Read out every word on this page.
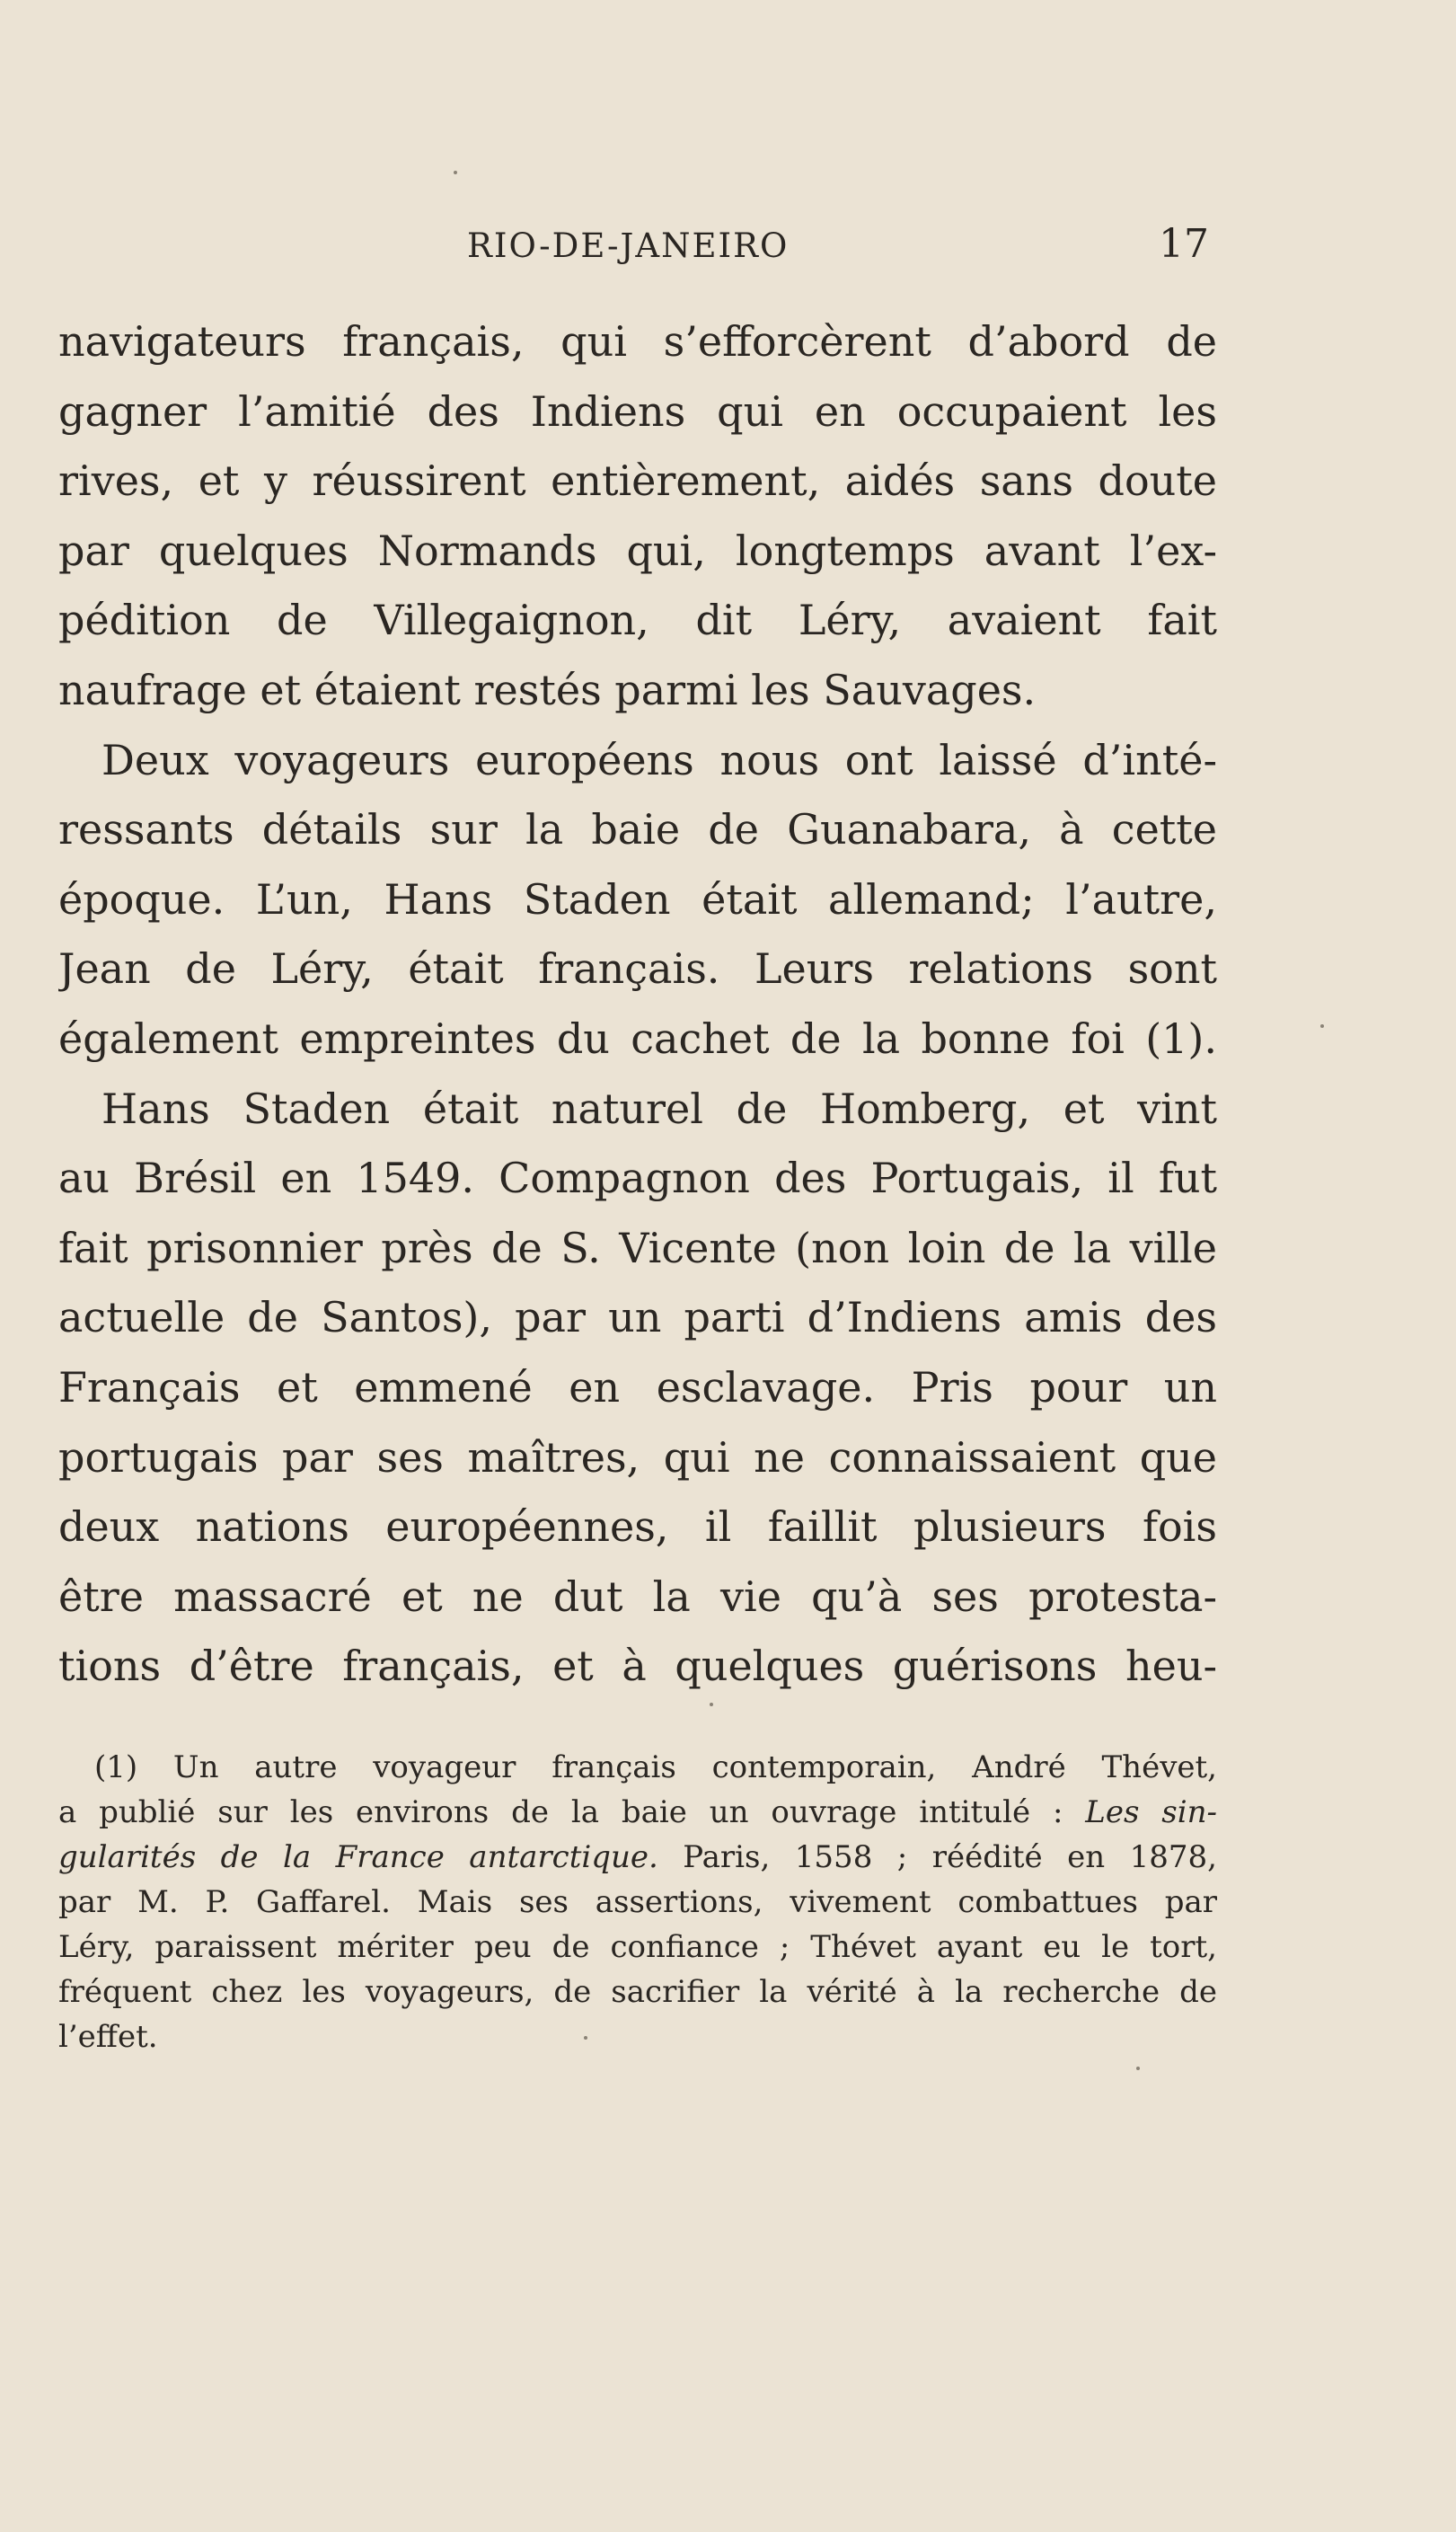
RIO-DE-JANEIRO	17
navigateurs français, qui s’efforcèrent d’abord de
gagner l’amitié des Indiens qui en occupaient les
rives, et y réussirent entièrement, aidés sans doute
par quelques Normands qui, longtemps avant l’ex-
pédition de Villegaignon, dit Léry, avaient fait
naufrage et étaient restés parmi les Sauvages.
Deux voyageurs européens nous ont laissé d’inté-
ressants détails sur la baie de Guanabara, à cette
époque. L’un, Hans Staden était allemand; l’autre,
Jean de Léry, était français. Leurs relations sont
également empreintes du cachet de la bonne foi (1).
Hans Staden était naturel de Homberg, et vint
au Brésil en 1549. Compagnon des Portugais, il fut
fait prisonnier près de S. Vicente (non loin de la ville
actuelle de Santos), par un parti d’Indiens amis des
Français et emmené en esclavage. Pris pour un
portugais par ses maîtres, qui ne connaissaient que
deux nations européennes, il faillit plusieurs fois
être massacré et ne dut la vie qu’à ses protesta-
tions d’être français, et à quelques guérisons heu-
(1) Un autre voyageur français contemporain, André Thévet,
a publié sur les environs de la baie un ouvrage intitulé : Les sin-
gularités de la France antarctique. Paris, 1558 ; réédité en 1878,
par M. P. Gaffarel. Mais ses assertions, vivement combattues par
Léry, paraissent mériter peu de confiance ; Thévet ayant eu le tort,
fréquent chez les voyageurs, de sacrifier la vérité à la recherche de
l’effet.
